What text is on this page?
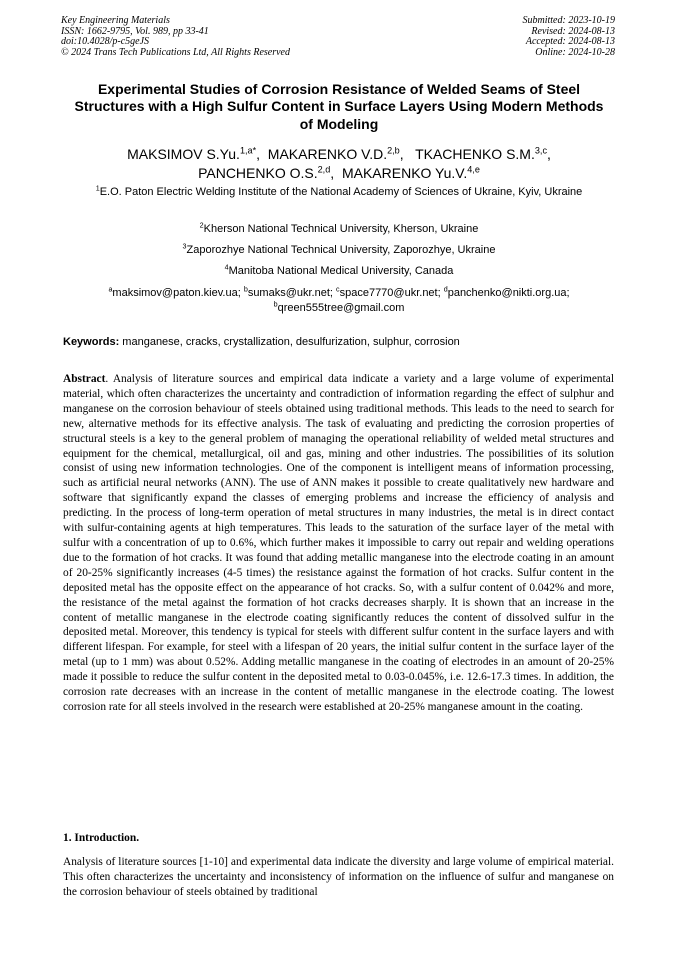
Key Engineering Materials
ISSN: 1662-9795, Vol. 989, pp 33-41
doi:10.4028/p-c5geJS
© 2024 Trans Tech Publications Ltd, All Rights Reserved
Submitted: 2023-10-19
Revised: 2024-08-13
Accepted: 2024-08-13
Online: 2024-10-28
Experimental Studies of Corrosion Resistance of Welded Seams of Steel Structures with a High Sulfur Content in Surface Layers Using Modern Methods of Modeling
MAKSIMOV S.Yu.$^{1,a*}$,  MAKARENKO V.D.$^{2,b}$,   TKACHENKO S.M.$^{3,c}$,
PANCHENKO O.S.$^{2,d}$,  MAKARENKO Yu.V.$^{4,e}$
$^1$E.O. Paton Electric Welding Institute of the National Academy of Sciences of Ukraine, Kyiv, Ukraine
$^2$Kherson National Technical University, Kherson, Ukraine
$^3$Zaporozhye National Technical University, Zaporozhye, Ukraine
$^4$Manitoba National Medical University, Canada
$^a$maksimov@paton.kiev.ua; $^b$sumaks@ukr.net; $^c$space7770@ukr.net; $^d$panchenko@nikti.org.ua;
$^b$qreen555tree@gmail.com
Keywords: manganese, cracks, crystallization, desulfurization, sulphur, corrosion
Abstract. Analysis of literature sources and empirical data indicate a variety and a large volume of experimental material, which often characterizes the uncertainty and contradiction of information regarding the effect of sulphur and manganese on the corrosion behaviour of steels obtained using traditional methods. This leads to the need to search for new, alternative methods for its effective analysis. The task of evaluating and predicting the corrosion properties of structural steels is a key to the general problem of managing the operational reliability of welded metal structures and equipment for the chemical, metallurgical, oil and gas, mining and other industries. The possibilities of its solution consist of using new information technologies. One of the component is intelligent means of information processing, such as artificial neural networks (ANN). The use of ANN makes it possible to create qualitatively new hardware and software that significantly expand the classes of emerging problems and increase the efficiency of analysis and predicting. In the process of long-term operation of metal structures in many industries, the metal is in direct contact with sulfur-containing agents at high temperatures. This leads to the saturation of the surface layer of the metal with sulfur with a concentration of up to 0.6%, which further makes it impossible to carry out repair and welding operations due to the formation of hot cracks. It was found that adding metallic manganese into the electrode coating in an amount of 20-25% significantly increases (4-5 times) the resistance against the formation of hot cracks. Sulfur content in the deposited metal has the opposite effect on the appearance of hot cracks. So, with a sulfur content of 0.042% and more, the resistance of the metal against the formation of hot cracks decreases sharply. It is shown that an increase in the content of metallic manganese in the electrode coating significantly reduces the content of dissolved sulfur in the deposited metal. Moreover, this tendency is typical for steels with different sulfur content in the surface layers and with different lifespan. For example, for steel with a lifespan of 20 years, the initial sulfur content in the surface layer of the metal (up to 1 mm) was about 0.52%. Adding metallic manganese in the coating of electrodes in an amount of 20-25% made it possible to reduce the sulfur content in the deposited metal to 0.03-0.045%, i.e. 12.6-17.3 times. In addition, the corrosion rate decreases with an increase in the content of metallic manganese in the electrode coating. The lowest corrosion rate for all steels involved in the research were established at 20-25% manganese amount in the coating.
1. Introduction.
Analysis of literature sources [1-10] and experimental data indicate the diversity and large volume of empirical material. This often characterizes the uncertainty and inconsistency of information on the influence of sulfur and manganese on the corrosion behaviour of steels obtained by traditional
